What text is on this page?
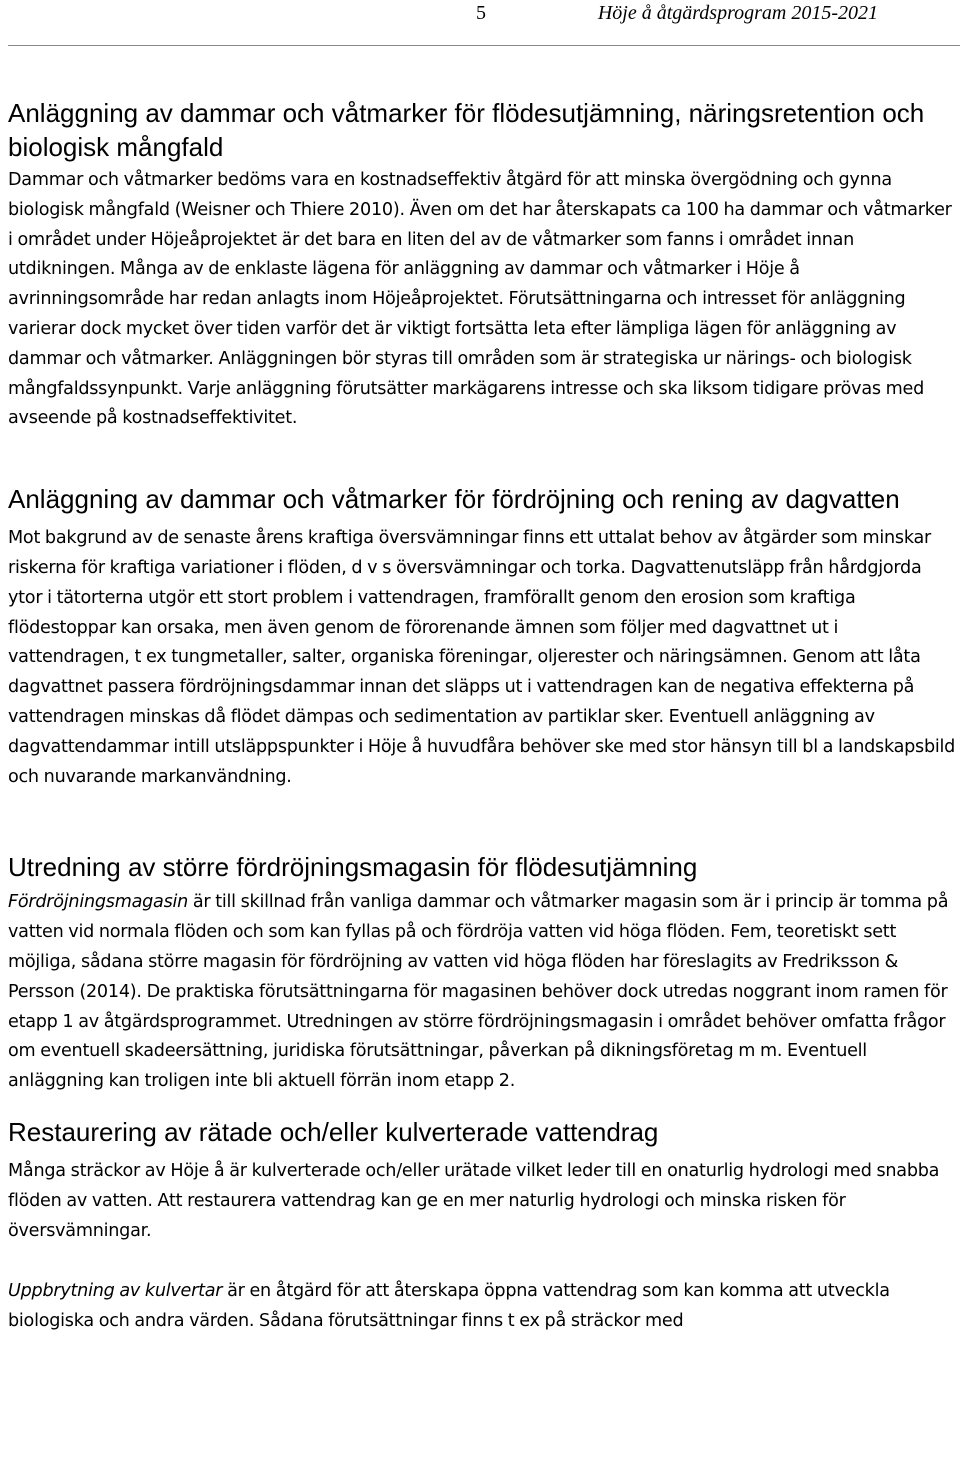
5	Höje å åtgärdsprogram 2015-2021
Anläggning av dammar och våtmarker för flödesutjämning, näringsretention och biologisk mångfald

Dammar och våtmarker bedöms vara en kostnadseffektiv åtgärd för att minska övergödning och gynna biologisk mångfald (Weisner och Thiere 2010). Även om det har återskapats ca 100 ha dammar och våtmarker i området under Höjeåprojektet är det bara en liten del av de våtmarker som fanns i området innan utdikningen. Många av de enklaste lägena för anläggning av dammar och våtmarker i Höje å avrinningsområde har redan anlagts inom Höjeåprojektet. Förutsättningarna och intresset för anläggning varierar dock mycket över tiden varför det är viktigt fortsätta leta efter lämpliga lägen för anläggning av dammar och våtmarker. Anläggningen bör styras till områden som är strategiska ur närings- och biologisk mångfaldssynpunkt. Varje anläggning förutsätter markägarens intresse och ska liksom tidigare prövas med avseende på kostnadseffektivitet.

Anläggning av dammar och våtmarker för fördröjning och rening av dagvatten

Mot bakgrund av de senaste årens kraftiga översvämningar finns ett uttalat behov av åtgärder som minskar riskerna för kraftiga variationer i flöden, d v s översvämningar och torka. Dagvattenutsläpp från hårdgjorda ytor i tätorterna utgör ett stort problem i vattendragen, framförallt genom den erosion som kraftiga flödestoppar kan orsaka, men även genom de förorenande ämnen som följer med dagvattnet ut i vattendragen, t ex tungmetaller, salter, organiska föreningar, oljerester och näringsämnen. Genom att låta dagvattnet passera fördröjningsdammar innan det släpps ut i vattendragen kan de negativa effekterna på vattendragen minskas då flödet dämpas och sedimentation av partiklar sker. Eventuell anläggning av dagvattendammar intill utsläppspunkter i Höje å huvudfåra behöver ske med stor hänsyn till bl a landskapsbild och nuvarande markanvändning.

Utredning av större fördröjningsmagasin för flödesutjämning

Fördröjningsmagasin är till skillnad från vanliga dammar och våtmarker magasin som är i princip är tomma på vatten vid normala flöden och som kan fyllas på och fördröja vatten vid höga flöden. Fem, teoretiskt sett möjliga, sådana större magasin för fördröjning av vatten vid höga flöden har föreslagits av Fredriksson & Persson (2014). De praktiska förutsättningarna för magasinen behöver dock utredas noggrant inom ramen för etapp 1 av åtgärdsprogrammet. Utredningen av större fördröjningsmagasin i området behöver omfatta frågor om eventuell skadeersättning, juridiska förutsättningar, påverkan på dikningsföretag m m. Eventuell anläggning kan troligen inte bli aktuell förrän inom etapp 2.

Restaurering av rätade och/eller kulverterade vattendrag

Många sträckor av Höje å är kulverterade och/eller urätade vilket leder till en onaturlig hydrologi med snabba flöden av vatten. Att restaurera vattendrag kan ge en mer naturlig hydrologi och minska risken för översvämningar.

Uppbrytning av kulvertar är en åtgärd för att återskapa öppna vattendrag som kan komma att utveckla biologiska och andra värden. Sådana förutsättningar finns t ex på sträckor med
